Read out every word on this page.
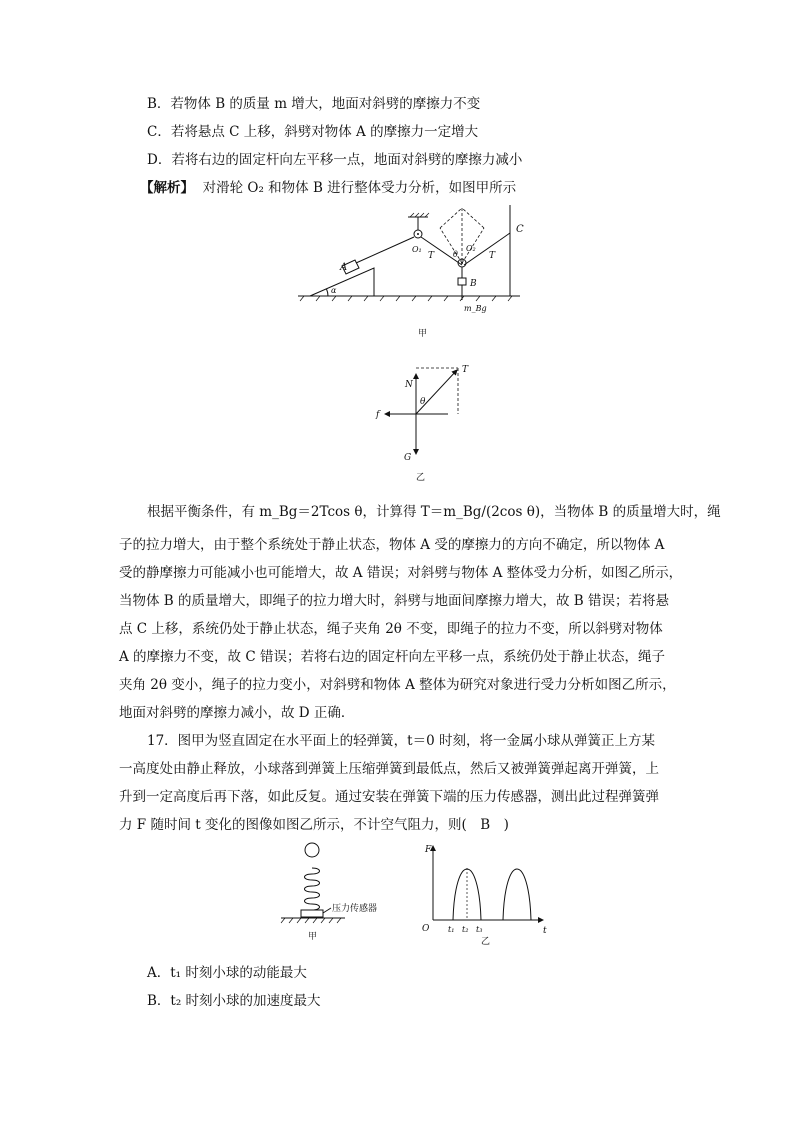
B．若物体 B 的质量 m 增大，地面对斜劈的摩擦力不变
C．若将悬点 C 上移，斜劈对物体 A 的摩擦力一定增大
D．若将右边的固定杆向左平移一点，地面对斜劈的摩擦力减小
【解析】 对滑轮 O₂ 和物体 B 进行整体受力分析，如图甲所示
A
α
O₁	O₂
T	T
θ
B
C
m_Bg
甲
N
T
θ
f
G
乙
根据平衡条件，有 m_Bg＝2Tcos θ，计算得 T＝m_Bg/(2cos θ)，当物体 B 的质量增大时，绳
子的拉力增大，由于整个系统处于静止状态，物体 A 受的摩擦力的方向不确定，所以物体 A
受的静摩擦力可能减小也可能增大，故 A 错误；对斜劈与物体 A 整体受力分析，如图乙所示，
当物体 B 的质量增大，即绳子的拉力增大时，斜劈与地面间摩擦力增大，故 B 错误；若将悬
点 C 上移，系统仍处于静止状态，绳子夹角 2θ 不变，即绳子的拉力不变，所以斜劈对物体
A 的摩擦力不变，故 C 错误；若将右边的固定杆向左平移一点，系统仍处于静止状态，绳子
夹角 2θ 变小，绳子的拉力变小，对斜劈和物体 A 整体为研究对象进行受力分析如图乙所示，
地面对斜劈的摩擦力减小，故 D 正确．
17．图甲为竖直固定在水平面上的轻弹簧，t＝0 时刻，将一金属小球从弹簧正上方某
一高度处由静止释放，小球落到弹簧上压缩弹簧到最低点，然后又被弹簧弹起离开弹簧，上
升到一定高度后再下落，如此反复。通过安装在弹簧下端的压力传感器，测出此过程弹簧弹
力 F 随时间 t 变化的图像如图乙所示，不计空气阻力，则(　B　)
压力传感器
甲
F
t
O t₁ t₂ t₃
乙
A．t₁ 时刻小球的动能最大
B．t₂ 时刻小球的加速度最大
